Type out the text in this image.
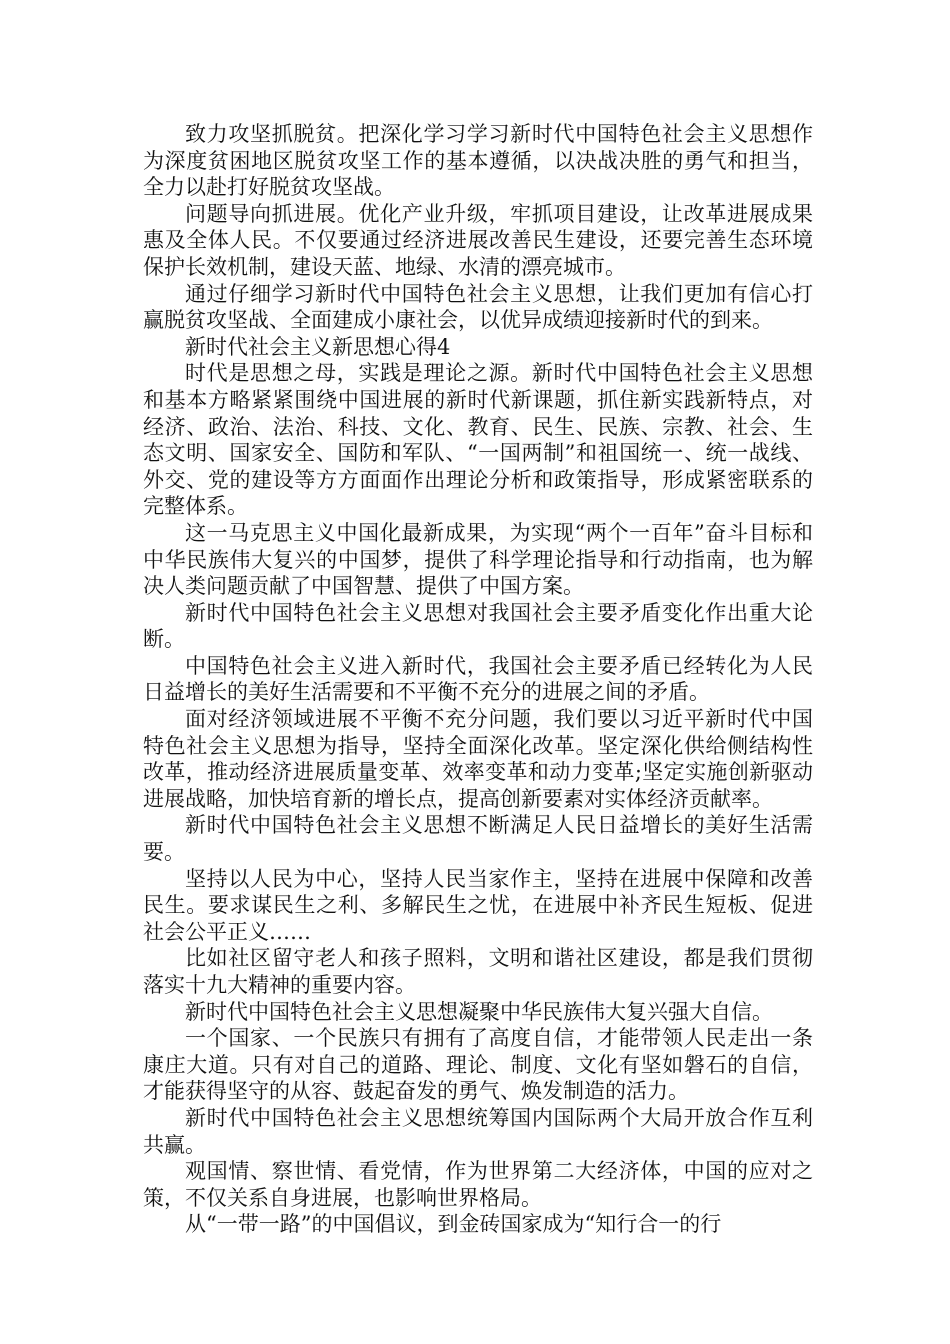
致力攻坚抓脱贫。把深化学习学习新时代中国特色社会主义思想作为深度贫困地区脱贫攻坚工作的基本遵循，以决战决胜的勇气和担当，全力以赴打好脱贫攻坚战。

问题导向抓进展。优化产业升级，牢抓项目建设，让改革进展成果惠及全体人民。不仅要通过经济进展改善民生建设，还要完善生态环境保护长效机制，建设天蓝、地绿、水清的漂亮城市。

通过仔细学习新时代中国特色社会主义思想，让我们更加有信心打赢脱贫攻坚战、全面建成小康社会，以优异成绩迎接新时代的到来。

新时代社会主义新思想心得4

时代是思想之母，实践是理论之源。新时代中国特色社会主义思想和基本方略紧紧围绕中国进展的新时代新课题，抓住新实践新特点，对经济、政治、法治、科技、文化、教育、民生、民族、宗教、社会、生态文明、国家安全、国防和军队、“一国两制”和祖国统一、统一战线、外交、党的建设等方方面面作出理论分析和政策指导，形成紧密联系的完整体系。

这一马克思主义中国化最新成果，为实现“两个一百年”奋斗目标和中华民族伟大复兴的中国梦，提供了科学理论指导和行动指南，也为解决人类问题贡献了中国智慧、提供了中国方案。

新时代中国特色社会主义思想对我国社会主要矛盾变化作出重大论断。

中国特色社会主义进入新时代，我国社会主要矛盾已经转化为人民日益增长的美好生活需要和不平衡不充分的进展之间的矛盾。

面对经济领域进展不平衡不充分问题，我们要以习近平新时代中国特色社会主义思想为指导，坚持全面深化改革。坚定深化供给侧结构性改革，推动经济进展质量变革、效率变革和动力变革;坚定实施创新驱动进展战略，加快培育新的增长点，提高创新要素对实体经济贡献率。

新时代中国特色社会主义思想不断满足人民日益增长的美好生活需要。

坚持以人民为中心，坚持人民当家作主，坚持在进展中保障和改善民生。要求谋民生之利、多解民生之忧，在进展中补齐民生短板、促进社会公平正义……

比如社区留守老人和孩子照料，文明和谐社区建设，都是我们贯彻落实十九大精神的重要内容。

新时代中国特色社会主义思想凝聚中华民族伟大复兴强大自信。

一个国家、一个民族只有拥有了高度自信，才能带领人民走出一条康庄大道。只有对自己的道路、理论、制度、文化有坚如磐石的自信，才能获得坚守的从容、鼓起奋发的勇气、焕发制造的活力。

新时代中国特色社会主义思想统筹国内国际两个大局开放合作互利共赢。

观国情、察世情、看党情，作为世界第二大经济体，中国的应对之策，不仅关系自身进展，也影响世界格局。

从“一带一路”的中国倡议，到金砖国家成为“知行合一的行
